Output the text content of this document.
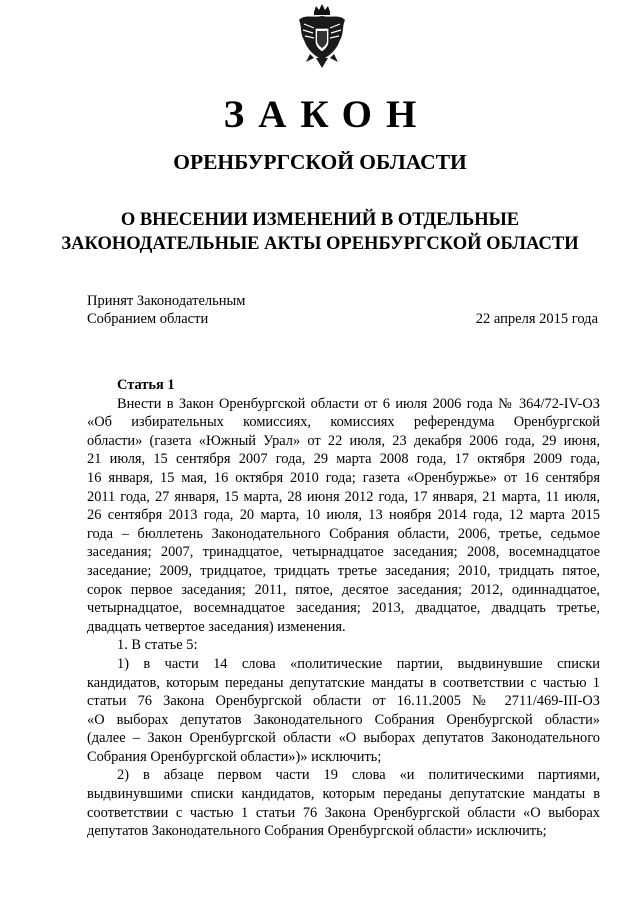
ЗАКОН
ОРЕНБУРГСКОЙ ОБЛАСТИ
О ВНЕСЕНИИ ИЗМЕНЕНИЙ В ОТДЕЛЬНЫЕ
ЗАКОНОДАТЕЛЬНЫЕ АКТЫ ОРЕНБУРГСКОЙ ОБЛАСТИ
Принят Законодательным
Собранием области	22 апреля 2015 года
Статья 1
Внести в Закон Оренбургской области от 6 июля 2006 года № 364/72-IV-ОЗ
«Об избирательных комиссиях, комиссиях референдума Оренбургской
области» (газета «Южный Урал» от 22 июля, 23 декабря 2006 года, 29 июня,
21 июля, 15 сентября 2007 года, 29 марта 2008 года, 17 октября 2009 года,
16 января, 15 мая, 16 октября 2010 года; газета «Оренбуржье» от 16 сентября
2011 года, 27 января, 15 марта, 28 июня 2012 года, 17 января, 21 марта, 11 июля,
26 сентября 2013 года, 20 марта, 10 июля, 13 ноября 2014 года, 12 марта 2015
года – бюллетень Законодательного Собрания области, 2006, третье, седьмое
заседания; 2007, тринадцатое, четырнадцатое заседания; 2008, восемнадцатое
заседание; 2009, тридцатое, тридцать третье заседания; 2010, тридцать пятое,
сорок первое заседания; 2011, пятое, десятое заседания; 2012, одиннадцатое,
четырнадцатое, восемнадцатое заседания; 2013, двадцатое, двадцать третье,
двадцать четвертое заседания) изменения.
1. В статье 5:
1) в части 14 слова «политические партии, выдвинувшие списки
кандидатов, которым переданы депутатские мандаты в соответствии с частью 1
статьи 76 Закона Оренбургской области от 16.11.2005 № 2711/469-III-ОЗ
«О выборах депутатов Законодательного Собрания Оренбургской области»
(далее – Закон Оренбургской области «О выборах депутатов Законодательного
Собрания Оренбургской области»)» исключить;
2) в абзаце первом части 19 слова «и политическими партиями,
выдвинувшими списки кандидатов, которым переданы депутатские мандаты в
соответствии с частью 1 статьи 76 Закона Оренбургской области «О выборах
депутатов Законодательного Собрания Оренбургской области» исключить;
